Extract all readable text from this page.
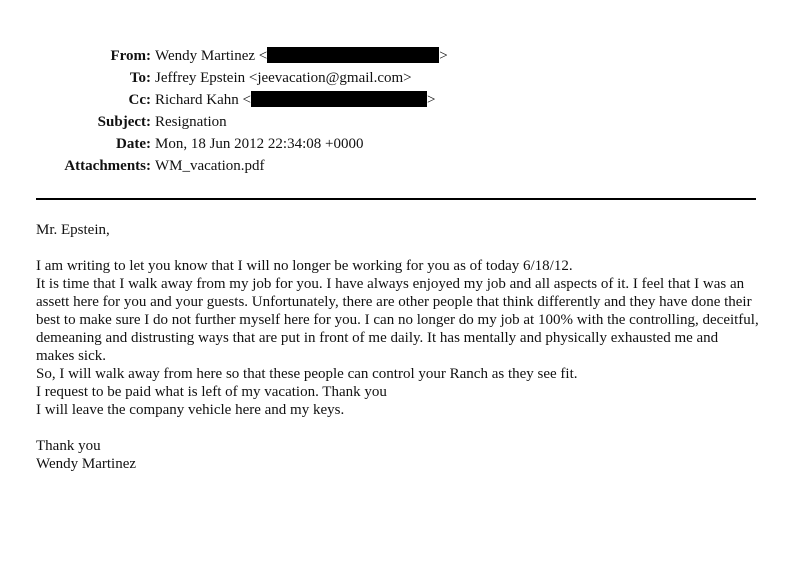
From: Wendy Martinez <	>
To: Jeffrey Epstein <jeevacation@gmail.com>
Cc: Richard Kahn <	>
Subject: Resignation
Date: Mon, 18 Jun 2012 22:34:08 +0000
Attachments: WM_vacation.pdf

Mr. Epstein,

I am writing to let you know that I will no longer be working for you as of today 6/18/12.

It is time that I walk away from my job for you. I have always enjoyed my job and all aspects of it. I feel that I was an assett here for you and your guests. Unfortunately, there are other people that think differently and they have done their best to make sure I do not further myself here for you. I can no longer do my job at 100% with the controlling, deceitful, demeaning and distrusting ways that are put in front of me daily. It has mentally and physically exhausted me and makes sick.

So, I will walk away from here so that these people can control your Ranch as they see fit.

I request to be paid what is left of my vacation. Thank you

I will leave the company vehicle here and my keys.

Thank you

Wendy Martinez
